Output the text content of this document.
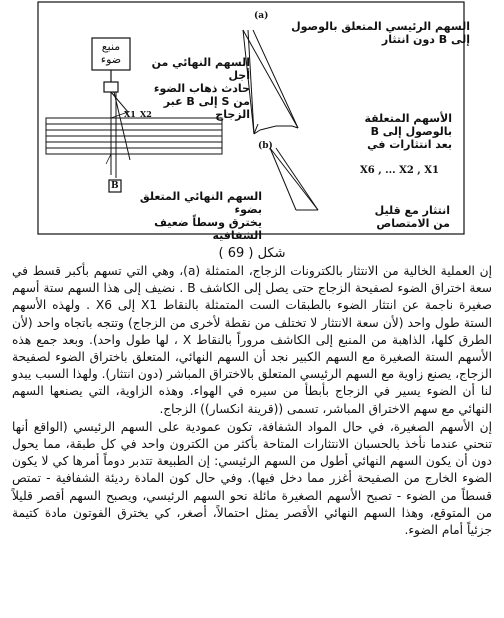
منبع
ضوء	السهم النهائي من أجل
حادث ذهاب الضوء
من S إلى B عبر الزجاج
السهم الرئيسي المتعلق بالوصول
إلى B دون انتثار
الأسهم المتعلقة
بالوصول إلى B
بعد انتثارات في
X6 , ... X2 , X1
السهم النهائي المتعلق بضوء
يخترق وسطاً ضعيف الشفافية
انتثار مع قليل
من الامتصاص
(a)
(b)
X1 X2
B
شكل ( 69 )

إن العملية الخالية من الانتثار بالكترونات الزجاج، المتمثلة (a)، وهي التي تسهم بأكبر قسط في سعة اختراق الضوء لصفيحة الزجاج حتى يصل إلى الكاشف B . نضيف إلى هذا السهم ستة أسهم صغيرة ناجمة عن انتثار الضوء بالطبقات الست المتمثلة بالنقاط X1 إلى X6 . ولهذه الأسهم الستة طول واحد (لأن سعة الانتثار لا تختلف من نقطة لأخرى من الزجاج) وتتجه باتجاه واحد (لأن الطرق كلها، الذاهبة من المنبع إلى الكاشف مروراً بالنقاط X ، لها طول واحد). وبعد جمع هذه الأسهم الستة الصغيرة مع السهم الكبير نجد أن السهم النهائي، المتعلق باختراق الضوء لصفيحة الزجاج، يصنع زاوية مع السهم الرئيسي المتعلق بالاختراق المباشر (دون انتثار). ولهذا السبب يبدو لنا أن الضوء يسير في الزجاج بأبطأ من سيره في الهواء. وهذه الزاوية، التي يصنعها السهم النهائي مع سهم الاختراق المباشر، تسمى ((قرينة انكسار)) الزجاج.

إن الأسهم الصغيرة، في حال المواد الشفافة، تكون عمودية على السهم الرئيسي (الواقع أنها تنحني عندما نأخذ بالحسبان الانتثارات المتاحة بأكثر من الكترون واحد في كل طبقة، مما يحول دون أن يكون السهم النهائي أطول من السهم الرئيسي: إن الطبيعة تتدبر دوماً أمرها كي لا يكون الضوء الخارج من الصفيحة أغزر مما دخل فيها). وفي حال كون المادة رديئة الشفافية - تمتص قسطاً من الضوء - تصبح الأسهم الصغيرة مائلة نحو السهم الرئيسي، ويصبح السهم أقصر قليلاً من المتوقع، وهذا السهم النهائي الأقصر يمثل احتمالاً، أصغر، كي يخترق الفوتون مادة كتيمة جزئياً أمام الضوء.
